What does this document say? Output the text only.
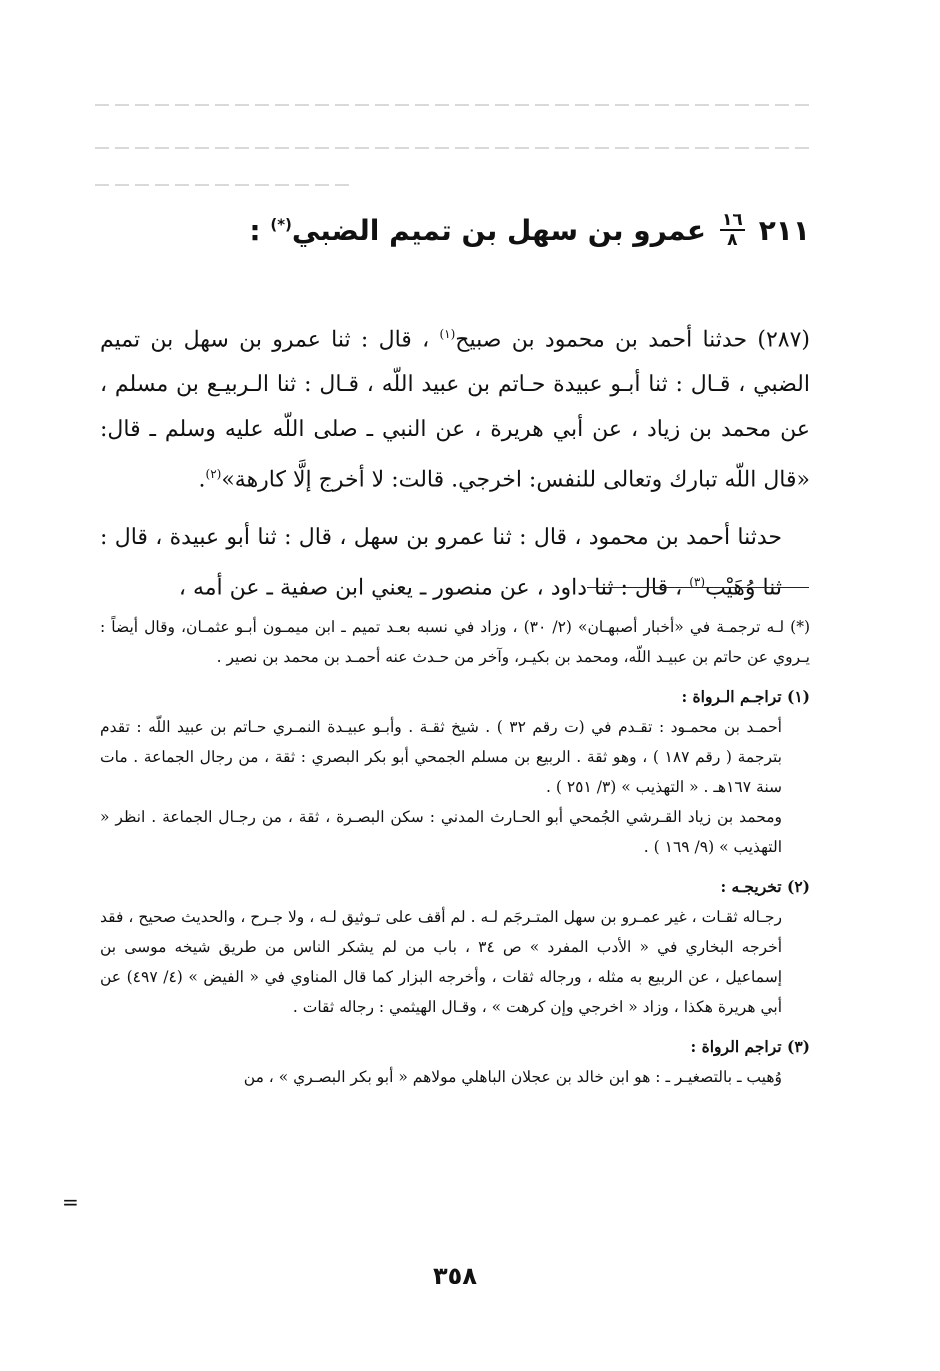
٢١١
$\frac{١٦}{٨}$
عمرو بن سهل بن تميم الضبي(*) :

(٢٨٧) حدثنا أحمد بن محمود بن صبيح$^{(١)}$ ، قال : ثنا عمرو بن سهل بن تميم الضبي ، قـال : ثنا أبـو عبيدة حـاتم بن عبيد اللّه ، قـال : ثنا الـربيـع بن مسلم ، عن محمد بن زياد ، عن أبي هريرة ، عن النبي ـ صلى اللّه عليه وسلم ـ قال: «قال اللّه تبارك وتعالى للنفس: اخرجي. قالت: لا أخرج إلَّا كارهة»$^{(٢)}$.

حدثنا أحمد بن محمود ، قال : ثنا عمرو بن سهل ، قال : ثنا أبو عبيدة ، قال : ثنا وُهَيْب$^{(٣)}$ ، قال : ثنا داود ، عن منصور ـ يعني ابن صفية ـ عن أمه ،

(*) لـه ترجمـة في «أخبار أصبهـان» (٢/ ٣٠) ، وزاد في نسبه بعـد تميم ـ ابن ميمـون أبـو عثمـان، وقال أيضاً : يـروي عن حاتم بن عبيـد اللّه، ومحمد بن بكيـر، وآخر من حـدث عنه أحمـد بن محمد بن نصير .

(١) تراجـم الـرواة :

أحمـد بن محمـود : تقـدم في (ت رقم ٣٢ ) . شيخ ثقـة . وأبـو عبيـدة النمـري حـاتم بن عبيد اللّه : تقدم بترجمة ( رقم ١٨٧ ) ، وهو ثقة . الربيع بن مسلم الجمحي أبو بكر البصري : ثقة ، من رجال الجماعة . مات سنة ١٦٧هـ . « التهذيب » (٣/ ٢٥١ ) .

ومحمد بن زياد القـرشي الجُمحي أبو الحـارث المدني : سكن البصـرة ، ثقة ، من رجـال الجماعة . انظر « التهذيب » (٩/ ١٦٩ ) .

(٢) تخريجـه :

رجـاله ثقـات ، غير عمـرو بن سهل المتـرجَم لـه . لم أقف على تـوثيق لـه ، ولا جـرح ، والحديث صحيح ، فقد أخرجه البخاري في « الأدب المفرد » ص ٣٤ ، باب من لم يشكر الناس من طريق شيخه موسى بن إسماعيل ، عن الربيع به مثله ، ورجاله ثقات ، وأخرجه البزار كما قال المناوي في « الفيض » (٤/ ٤٩٧) عن أبي هريرة هكذا ، وزاد « اخرجي وإن كرهت » ، وقـال الهيثمي : رجاله ثقات .

(٣) تراجم الرواة :

وُهيب ـ بالتصغيـر ـ : هو ابن خالد بن عجلان الباهلي مولاهم « أبو بكر البصـري » ، من

=
٣٥٨
